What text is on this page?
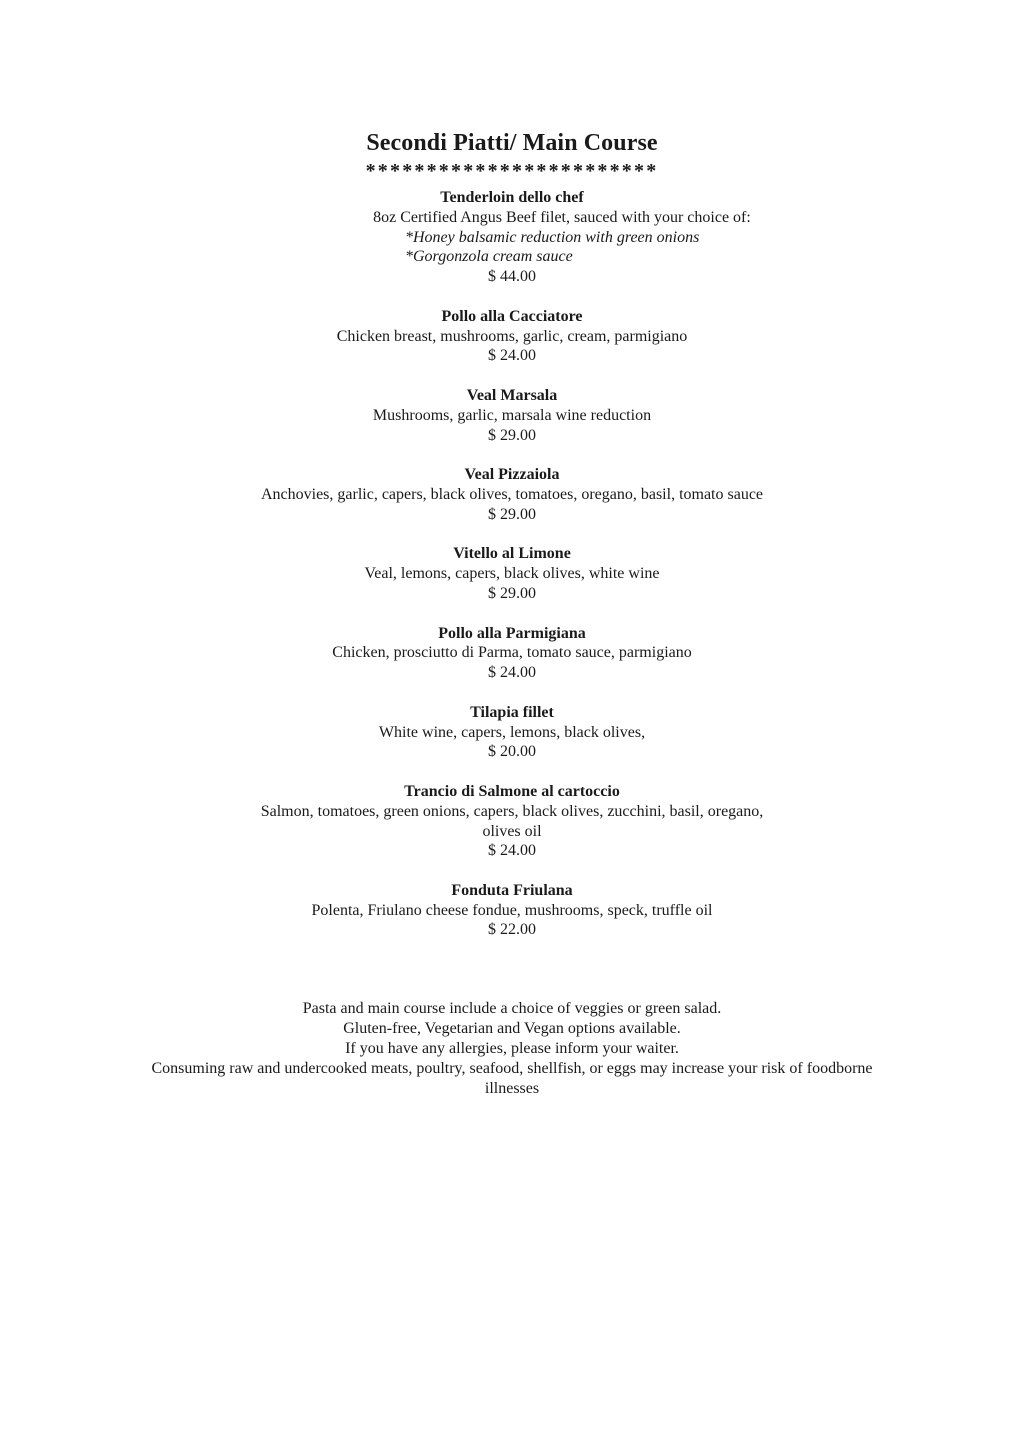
Secondi Piatti/ Main Course
************************
Tenderloin dello chef
8oz Certified Angus Beef filet, sauced with your choice of:
*Honey balsamic reduction with green onions
*Gorgonzola cream sauce
$ 44.00
Pollo alla Cacciatore
Chicken breast, mushrooms, garlic, cream, parmigiano
$ 24.00
Veal Marsala
Mushrooms, garlic, marsala wine reduction
$ 29.00
Veal Pizzaiola
Anchovies, garlic, capers, black olives, tomatoes, oregano, basil, tomato sauce
$ 29.00
Vitello al Limone
Veal, lemons, capers, black olives, white wine
$ 29.00
Pollo alla Parmigiana
Chicken, prosciutto di Parma, tomato sauce, parmigiano
$ 24.00
Tilapia fillet
White wine, capers, lemons, black olives,
$ 20.00
Trancio di Salmone al cartoccio
Salmon, tomatoes, green onions, capers, black olives, zucchini, basil, oregano,
olives oil
$ 24.00
Fonduta Friulana
Polenta, Friulano cheese fondue, mushrooms, speck, truffle oil
$ 22.00
Pasta and main course include a choice of veggies or green salad.
Gluten-free, Vegetarian and Vegan options available.
If you have any allergies, please inform your waiter.
Consuming raw and undercooked meats, poultry, seafood, shellfish, or eggs may increase your risk of foodborne
illnesses
